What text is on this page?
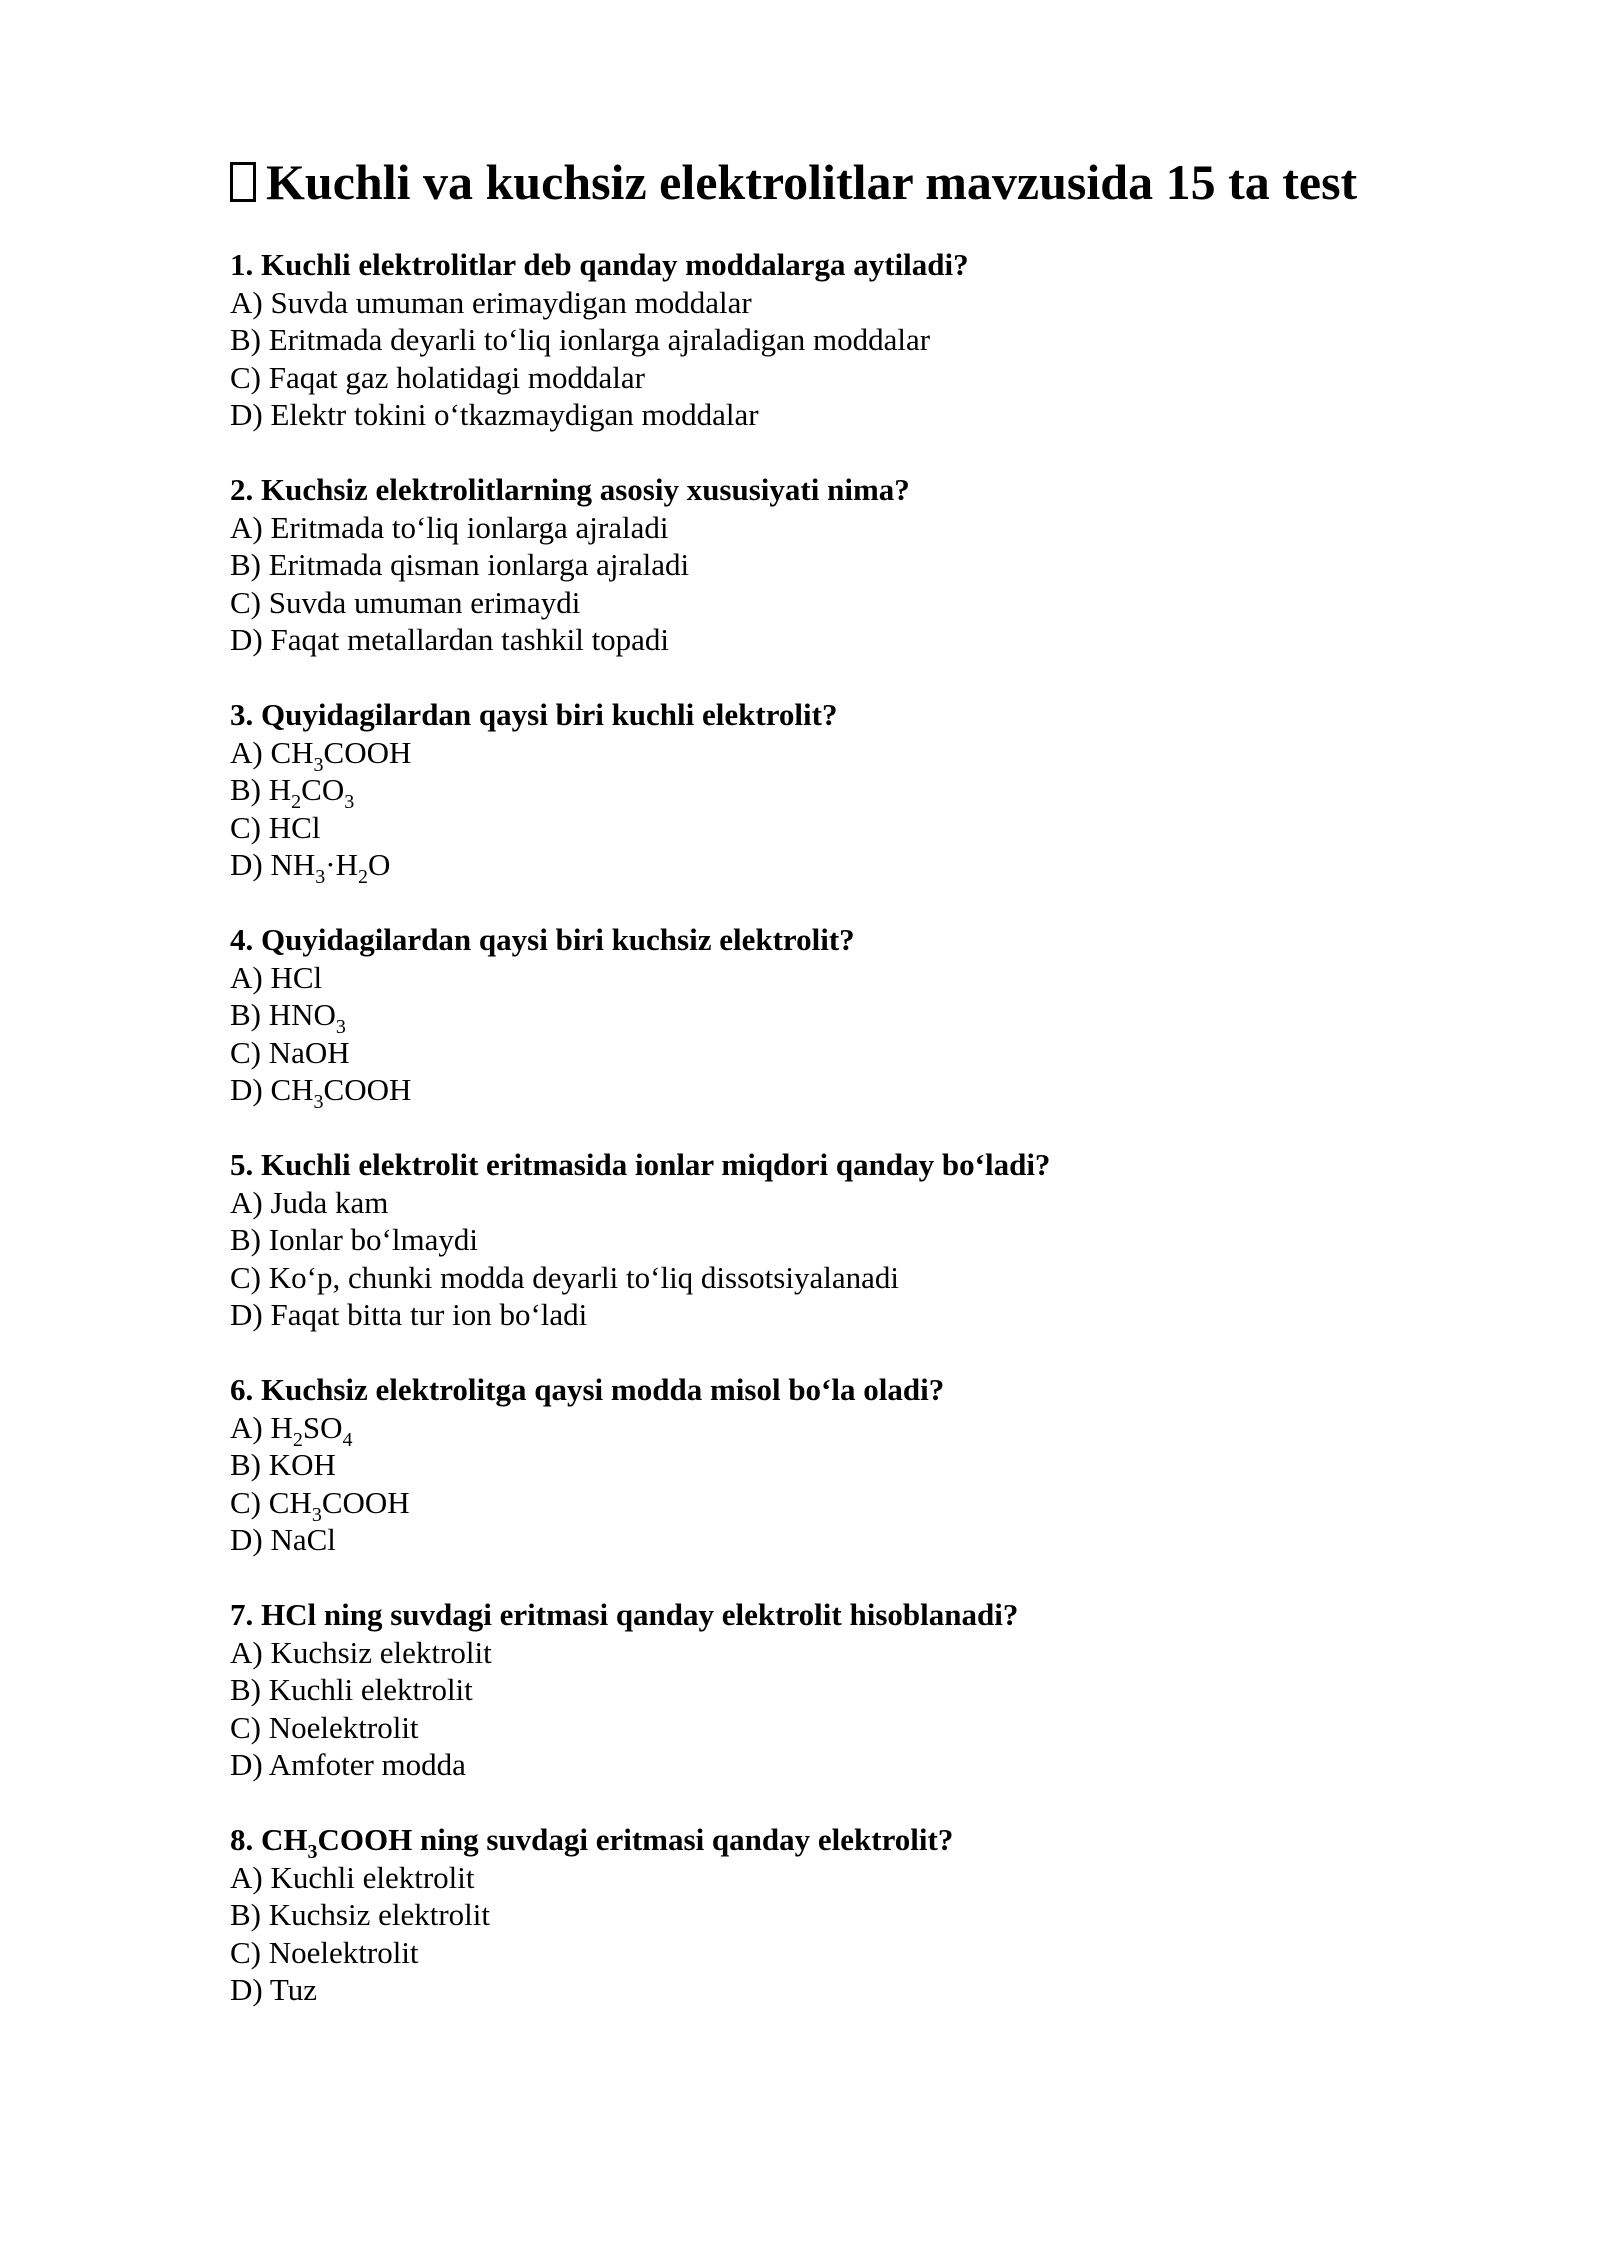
Kuchli va kuchsiz elektrolitlar mavzusida 15 ta test
1. Kuchli elektrolitlar deb qanday moddalarga aytiladi?
A) Suvda umuman erimaydigan moddalar
B) Eritmada deyarli to‘liq ionlarga ajraladigan moddalar
C) Faqat gaz holatidagi moddalar
D) Elektr tokini o‘tkazmaydigan moddalar
2. Kuchsiz elektrolitlarning asosiy xususiyati nima?
A) Eritmada to‘liq ionlarga ajraladi
B) Eritmada qisman ionlarga ajraladi
C) Suvda umuman erimaydi
D) Faqat metallardan tashkil topadi
3. Quyidagilardan qaysi biri kuchli elektrolit?
A) $CH_3COOH$
B) $H_2CO_3$
C) HCl
D) $NH_3\cdot H_2O$
4. Quyidagilardan qaysi biri kuchsiz elektrolit?
A) HCl
B) $HNO_3$
C) NaOH
D) $CH_3COOH$
5. Kuchli elektrolit eritmasida ionlar miqdori qanday bo‘ladi?
A) Juda kam
B) Ionlar bo‘lmaydi
C) Ko‘p, chunki modda deyarli to‘liq dissotsiyalanadi
D) Faqat bitta tur ion bo‘ladi
6. Kuchsiz elektrolitga qaysi modda misol bo‘la oladi?
A) $H_2SO_4$
B) KOH
C) $CH_3COOH$
D) NaCl
7. HCl ning suvdagi eritmasi qanday elektrolit hisoblanadi?
A) Kuchsiz elektrolit
B) Kuchli elektrolit
C) Noelektrolit
D) Amfoter modda
8. $CH_3COOH$ ning suvdagi eritmasi qanday elektrolit?
A) Kuchli elektrolit
B) Kuchsiz elektrolit
C) Noelektrolit
D) Tuz
